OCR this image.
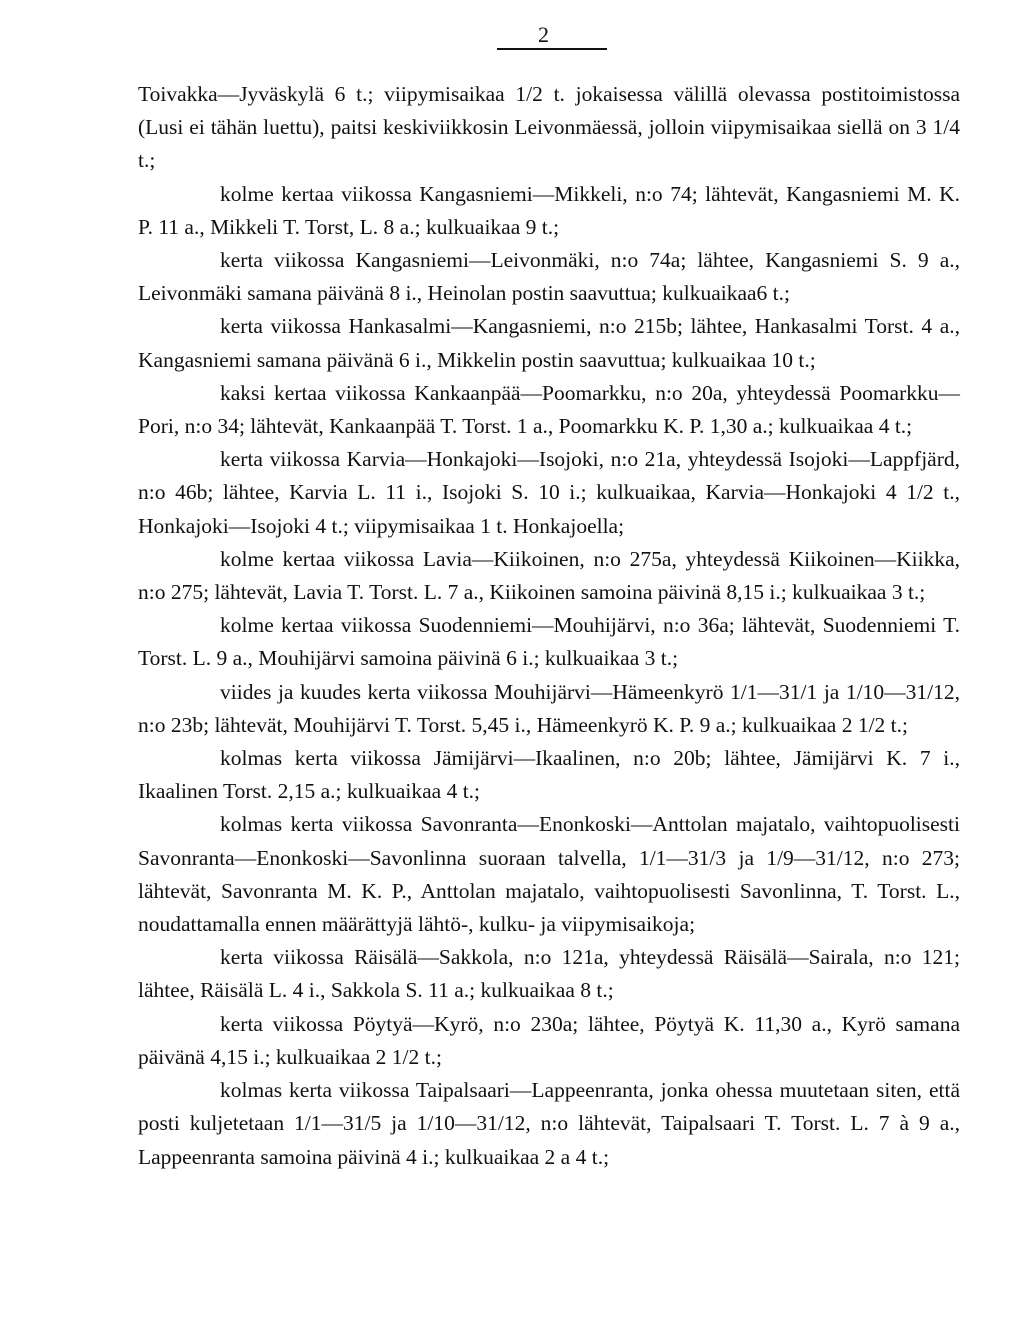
2

Toivakka—Jyväskylä 6 t.; viipymisaikaa 1/2 t. jokaisessa välillä olevassa postitoimistossa (Lusi ei tähän luettu), paitsi keskiviikkosin Leivonmäessä, jolloin viipymisaikaa siellä on 3 1/4 t.;

kolme kertaa viikossa Kangasniemi—Mikkeli, n:o 74; lähtevät, Kangasniemi M. K. P. 11 a., Mikkeli T. Torst, L. 8 a.; kulkuaikaa 9 t.;

kerta viikossa Kangasniemi—Leivonmäki, n:o 74a; lähtee, Kangasniemi S. 9 a., Leivonmäki samana päivänä 8 i., Heinolan postin saavuttua; kulkuaikaa6 t.;

kerta viikossa Hankasalmi—Kangasniemi, n:o 215b; lähtee, Hankasalmi Torst. 4 a., Kangasniemi samana päivänä 6 i., Mikkelin postin saavuttua; kulkuaikaa 10 t.;

kaksi kertaa viikossa Kankaanpää—Poomarkku, n:o 20a, yhteydessä Poomarkku—Pori, n:o 34; lähtevät, Kankaanpää T. Torst. 1 a., Poomarkku K. P. 1,30 a.; kulkuaikaa 4 t.;

kerta viikossa Karvia—Honkajoki—Isojoki, n:o 21a, yhteydessä Isojoki—Lappfjärd, n:o 46b; lähtee, Karvia L. 11 i., Isojoki S. 10 i.; kulkuaikaa, Karvia—Honkajoki 4 1/2 t., Honkajoki—Isojoki 4 t.; viipymisaikaa 1 t. Honkajoella;

kolme kertaa viikossa Lavia—Kiikoinen, n:o 275a, yhteydessä Kiikoinen—Kiikka, n:o 275; lähtevät, Lavia T. Torst. L. 7 a., Kiikoinen samoina päivinä 8,15 i.; kulkuaikaa 3 t.;

kolme kertaa viikossa Suodenniemi—Mouhijärvi, n:o 36a; lähtevät, Suodenniemi T. Torst. L. 9 a., Mouhijärvi samoina päivinä 6 i.; kulkuaikaa 3 t.;

viides ja kuudes kerta viikossa Mouhijärvi—Hämeenkyrö 1/1—31/1 ja 1/10—31/12, n:o 23b; lähtevät, Mouhijärvi T. Torst. 5,45 i., Hämeenkyrö K. P. 9 a.; kulkuaikaa 2 1/2 t.;

kolmas kerta viikossa Jämijärvi—Ikaalinen, n:o 20b; lähtee, Jämijärvi K. 7 i., Ikaalinen Torst. 2,15 a.; kulkuaikaa 4 t.;

kolmas kerta viikossa Savonranta—Enonkoski—Anttolan majatalo, vaihtopuolisesti Savonranta—Enonkoski—Savonlinna suoraan talvella, 1/1—31/3 ja 1/9—31/12, n:o 273; lähtevät, Savonranta M. K. P., Anttolan majatalo, vaihtopuolisesti Savonlinna, T. Torst. L., noudattamalla ennen määrättyjä lähtö-, kulku- ja viipymisaikoja;

kerta viikossa Räisälä—Sakkola, n:o 121a, yhteydessä Räisälä—Sairala, n:o 121; lähtee, Räisälä L. 4 i., Sakkola S. 11 a.; kulkuaikaa 8 t.;

kerta viikossa Pöytyä—Kyrö, n:o 230a; lähtee, Pöytyä K. 11,30 a., Kyrö samana päivänä 4,15 i.; kulkuaikaa 2 1/2 t.;

kolmas kerta viikossa Taipalsaari—Lappeenranta, jonka ohessa muutetaan siten, että posti kuljetetaan 1/1—31/5 ja 1/10—31/12, n:o lähtevät, Taipalsaari T. Torst. L. 7 à 9 a., Lappeenranta samoina päivinä 4 i.; kulkuaikaa 2 a 4 t.;
